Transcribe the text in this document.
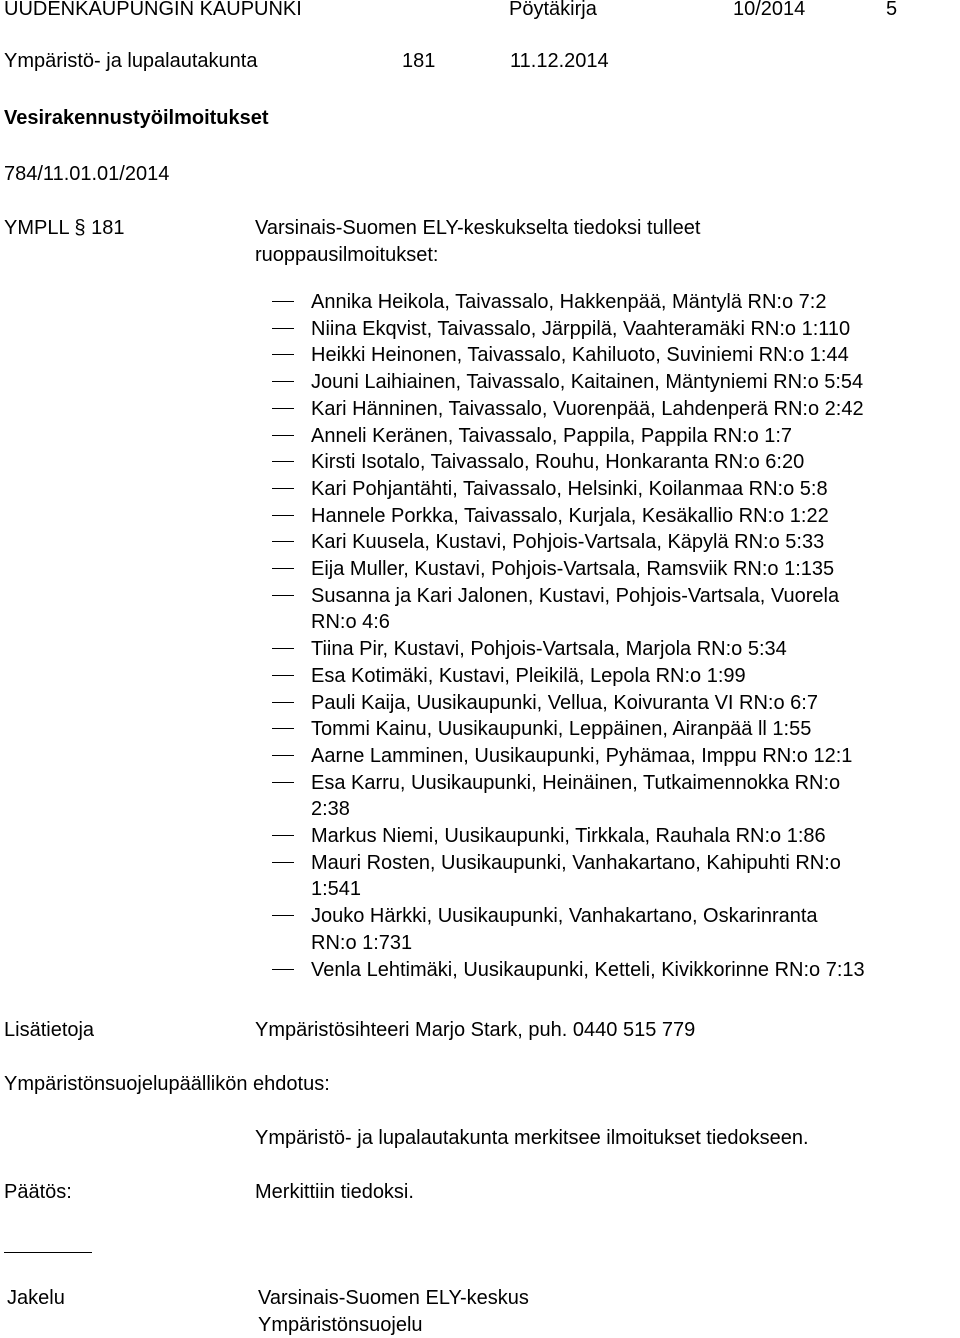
UUDENKAUPUNGIN KAUPUNKI	Pöytäkirja	10/2014	5
Ympäristö- ja lupalautakunta	181	11.12.2014
Vesirakennustyöilmoitukset
784/11.01.01/2014
YMPLL § 181	Varsinais-Suomen ELY-keskukselta tiedoksi tulleet
ruoppausilmoitukset:
Annika Heikola, Taivassalo, Hakkenpää, Mäntylä RN:o 7:2
Niina Ekqvist, Taivassalo, Järppilä, Vaahteramäki RN:o 1:110
Heikki Heinonen, Taivassalo, Kahiluoto, Suviniemi RN:o 1:44
Jouni Laihiainen, Taivassalo, Kaitainen, Mäntyniemi RN:o 5:54
Kari Hänninen, Taivassalo, Vuorenpää, Lahdenperä RN:o 2:42
Anneli Keränen, Taivassalo, Pappila, Pappila RN:o 1:7
Kirsti Isotalo, Taivassalo, Rouhu, Honkaranta RN:o 6:20
Kari Pohjantähti, Taivassalo, Helsinki, Koilanmaa RN:o 5:8
Hannele Porkka, Taivassalo, Kurjala, Kesäkallio RN:o 1:22
Kari Kuusela, Kustavi, Pohjois-Vartsala, Käpylä RN:o 5:33
Eija Muller, Kustavi, Pohjois-Vartsala, Ramsviik RN:o 1:135
Susanna ja Kari Jalonen, Kustavi, Pohjois-Vartsala, Vuorela
RN:o 4:6
Tiina Pir, Kustavi, Pohjois-Vartsala, Marjola RN:o 5:34
Esa Kotimäki, Kustavi, Pleikilä, Lepola RN:o 1:99
Pauli Kaija, Uusikaupunki, Vellua, Koivuranta VI RN:o 6:7
Tommi Kainu, Uusikaupunki, Leppäinen, Airanpää ll 1:55
Aarne Lamminen, Uusikaupunki, Pyhämaa, Imppu RN:o 12:1
Esa Karru, Uusikaupunki, Heinäinen, Tutkaimennokka RN:o
2:38
Markus Niemi, Uusikaupunki, Tirkkala, Rauhala RN:o 1:86
Mauri Rosten, Uusikaupunki, Vanhakartano, Kahipuhti RN:o
1:541
Jouko Härkki, Uusikaupunki, Vanhakartano, Oskarinranta
RN:o 1:731
Venla Lehtimäki, Uusikaupunki, Ketteli, Kivikkorinne RN:o 7:13
Lisätietoja	Ympäristösihteeri Marjo Stark, puh. 0440 515 779
Ympäristönsuojelupäällikön ehdotus:
Ympäristö- ja lupalautakunta merkitsee ilmoitukset tiedokseen.
Päätös:	Merkittiin tiedoksi.
Jakelu	Varsinais-Suomen ELY-keskus
Ympäristönsuojelu
